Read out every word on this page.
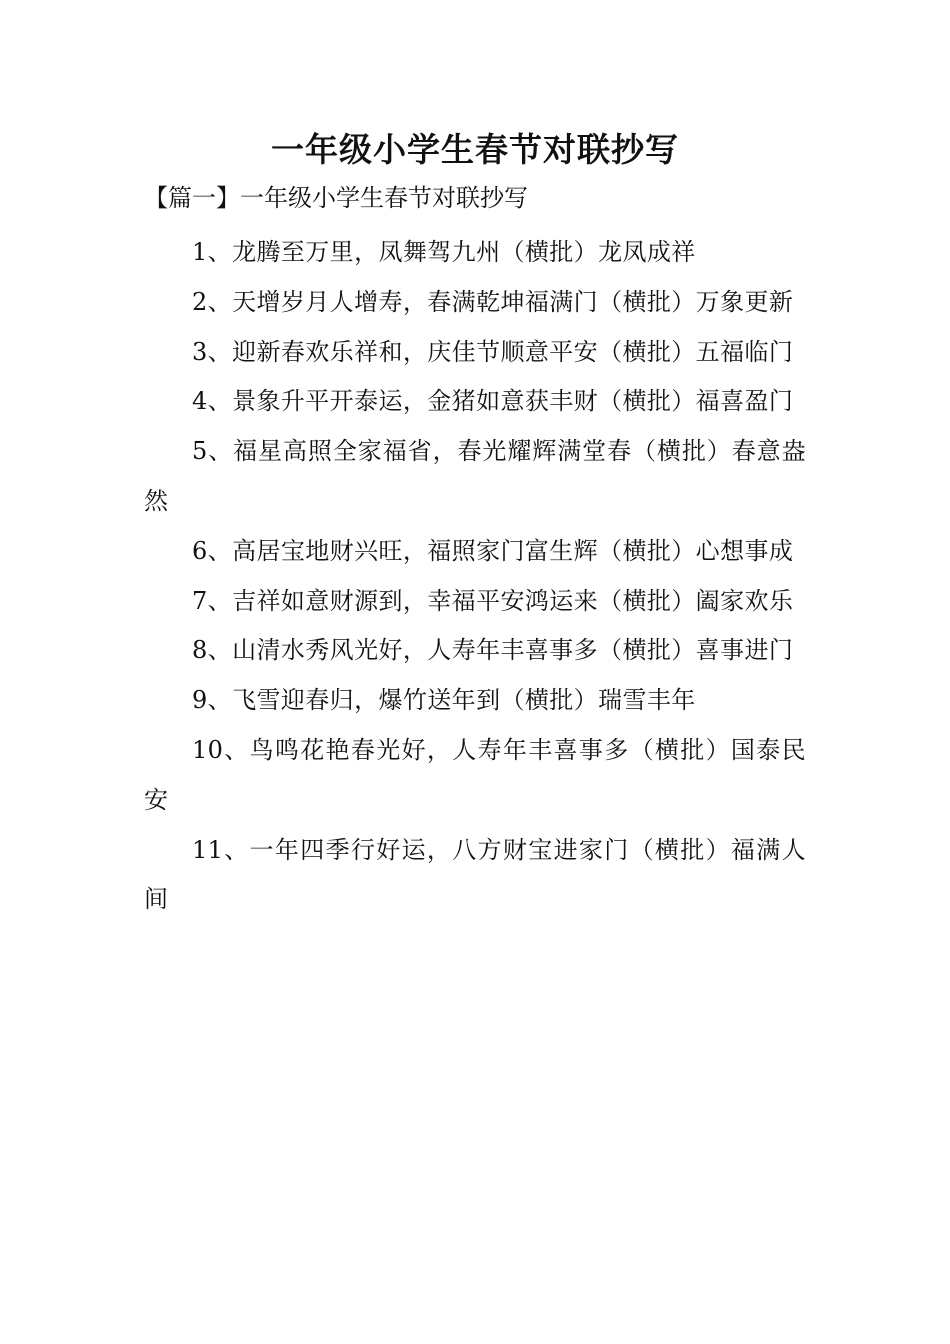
一年级小学生春节对联抄写
【篇一】一年级小学生春节对联抄写

1、龙腾至万里，凤舞驾九州（横批）龙凤成祥

2、天增岁月人增寿，春满乾坤福满门（横批）万象更新

3、迎新春欢乐祥和，庆佳节顺意平安（横批）五福临门

4、景象升平开泰运，金猪如意获丰财（横批）福喜盈门

5、福星高照全家福省，春光耀辉满堂春（横批）春意盎然

6、高居宝地财兴旺，福照家门富生辉（横批）心想事成

7、吉祥如意财源到，幸福平安鸿运来（横批）阖家欢乐

8、山清水秀风光好，人寿年丰喜事多（横批）喜事进门

9、飞雪迎春归，爆竹送年到（横批）瑞雪丰年

10、鸟鸣花艳春光好，人寿年丰喜事多（横批）国泰民安

11、一年四季行好运，八方财宝进家门（横批）福满人间
